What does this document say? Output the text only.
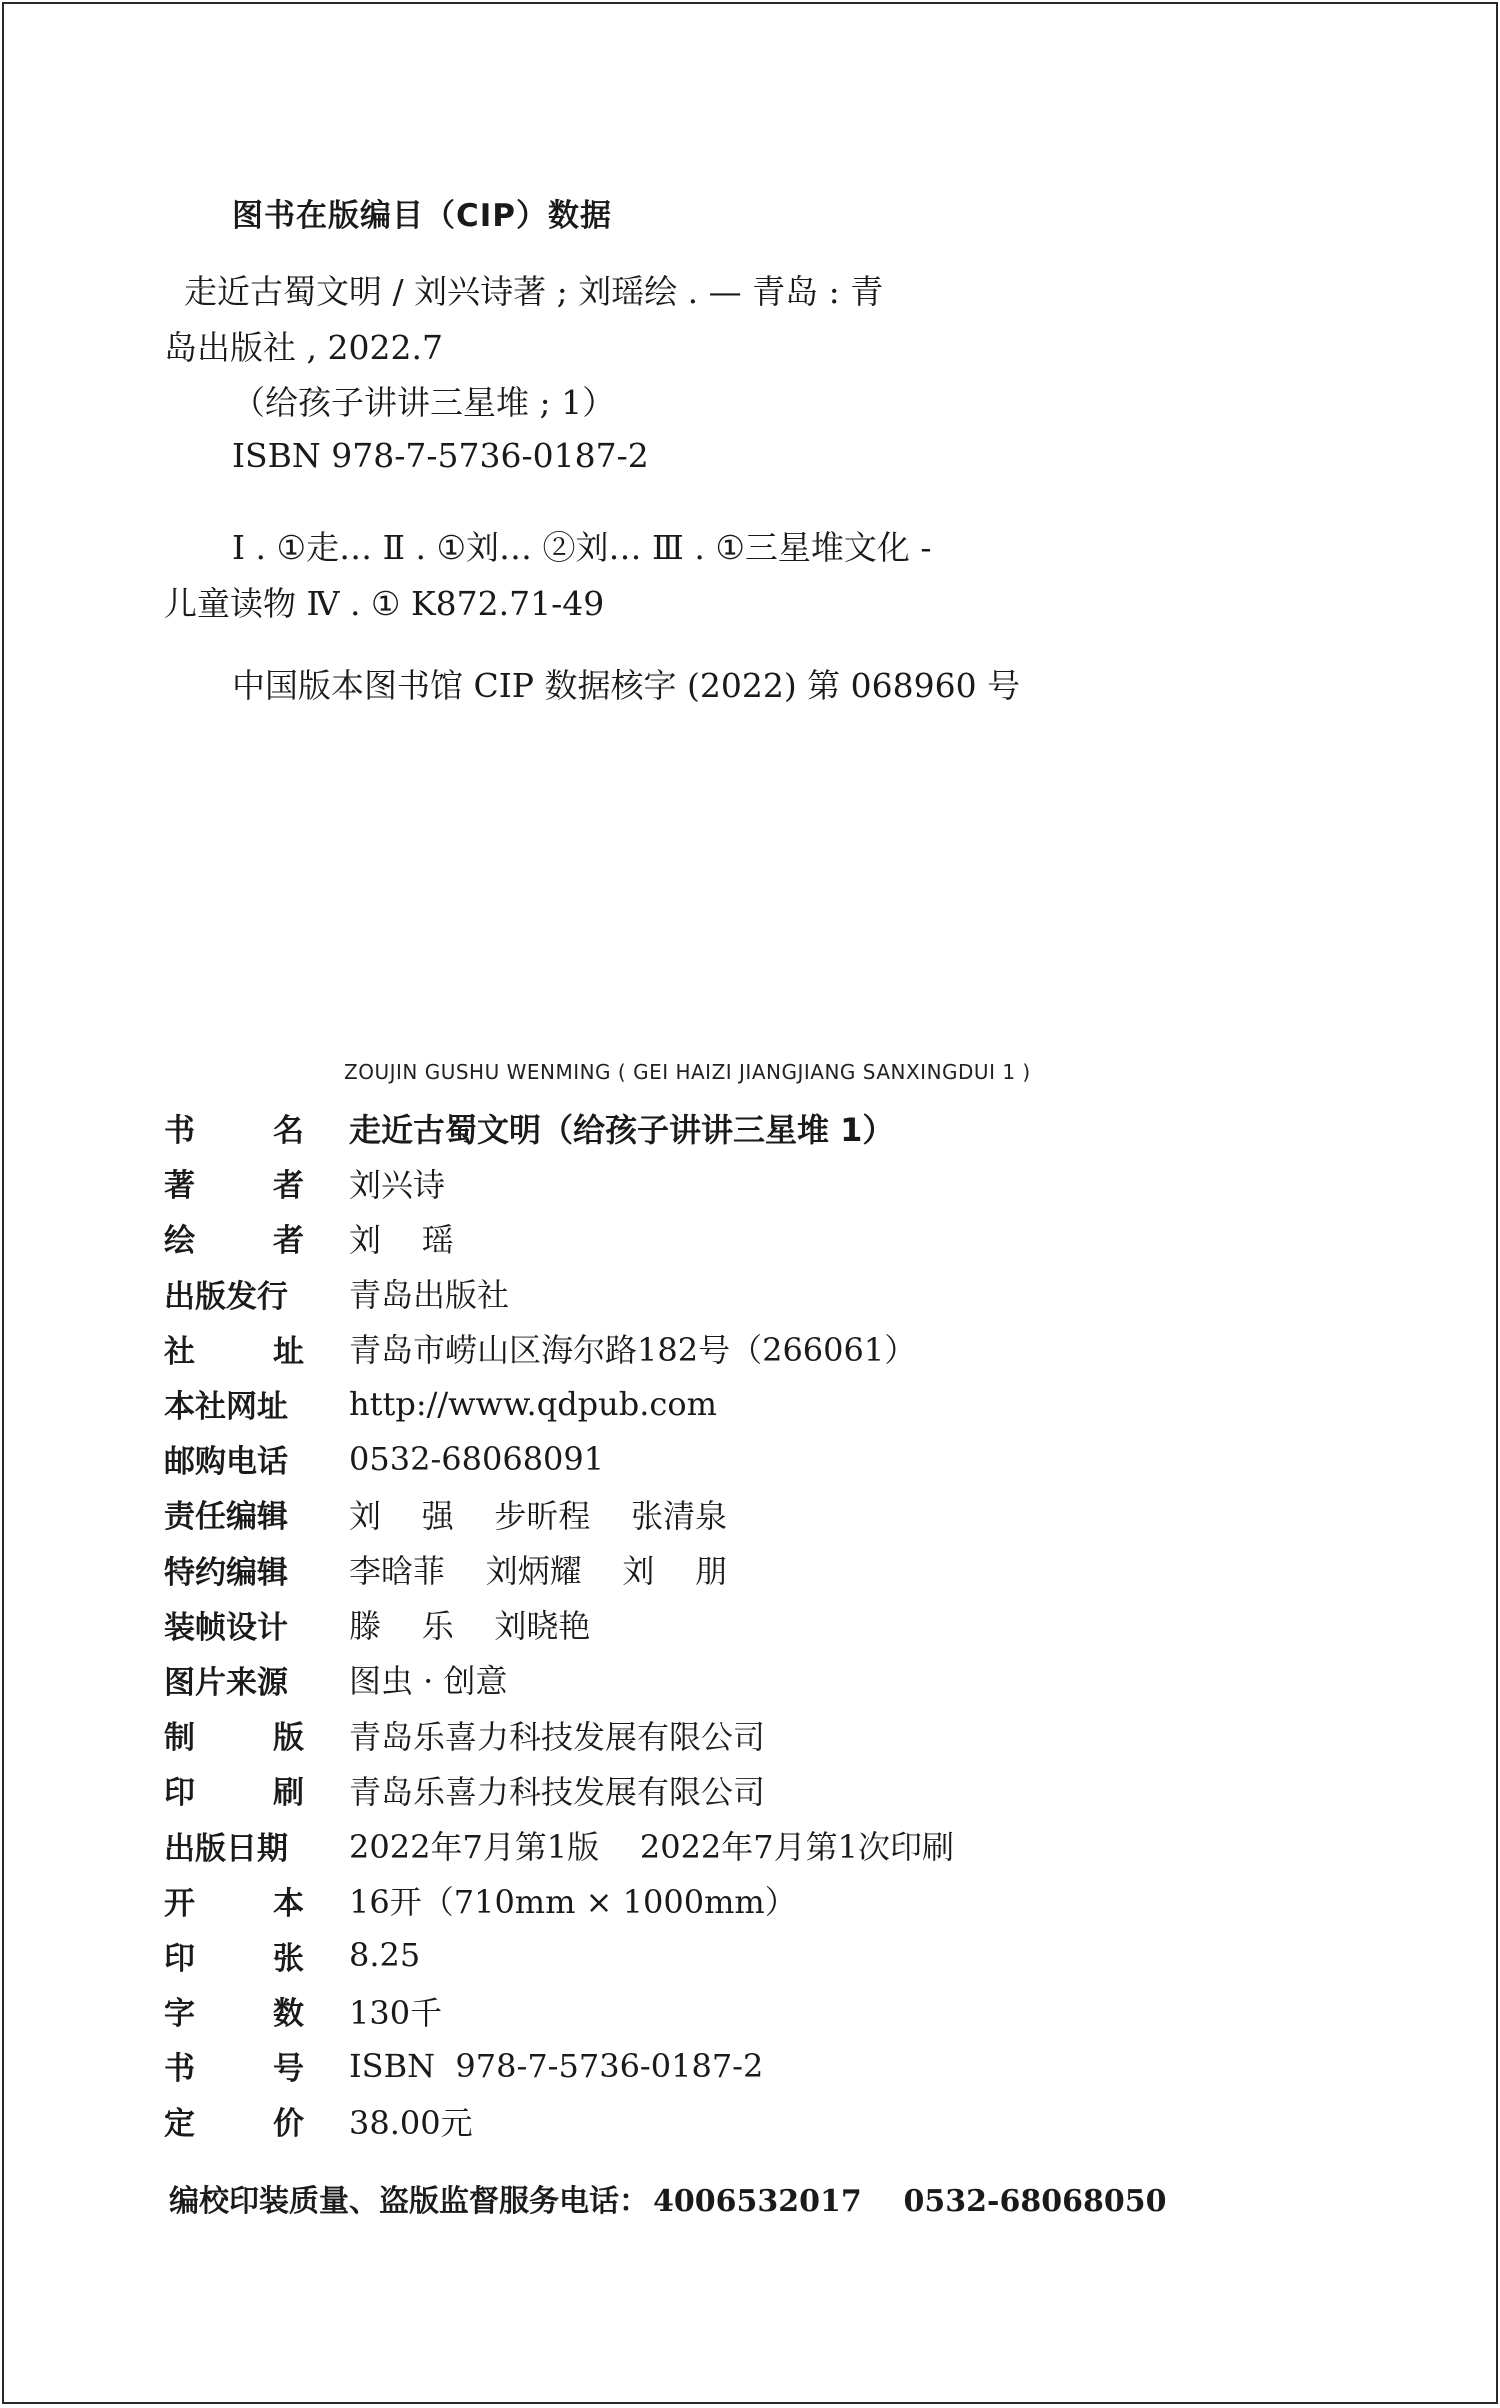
图书在版编目（CIP）数据
走近古蜀文明 / 刘兴诗著 ; 刘瑶绘 . — 青岛 : 青
岛出版社 , 2022.7
（给孩子讲讲三星堆 ; 1）
ISBN 978-7-5736-0187-2
Ⅰ . ①走… Ⅱ . ①刘… ②刘… Ⅲ . ①三星堆文化 -
儿童读物 Ⅳ . ① K872.71-49
中国版本图书馆 CIP 数据核字 (2022) 第 068960 号
ZOUJIN GUSHU WENMING ( GEI HAIZI JIANGJIANG SANXINGDUI 1 )
书	名 走近古蜀文明（给孩子讲讲三星堆 1）
著	者 刘兴诗
绘	者 刘    瑶
出版发行 青岛出版社
社	址 青岛市崂山区海尔路182号（266061）
本社网址 http://www.qdpub.com
邮购电话 0532-68068091
责任编辑 刘    强    步昕程    张清泉
特约编辑 李晗菲    刘炳耀    刘    朋
装帧设计 滕    乐    刘晓艳
图片来源 图虫 · 创意
制	版 青岛乐喜力科技发展有限公司
印	刷 青岛乐喜力科技发展有限公司
出版日期 2022年7月第1版    2022年7月第1次印刷
开	本 16开（710mm × 1000mm）
印	张 8.25
字	数 130千
书	号 ISBN  978-7-5736-0187-2
定	价 38.00元
编校印装质量、盗版监督服务电话： 4006532017    0532-68068050
